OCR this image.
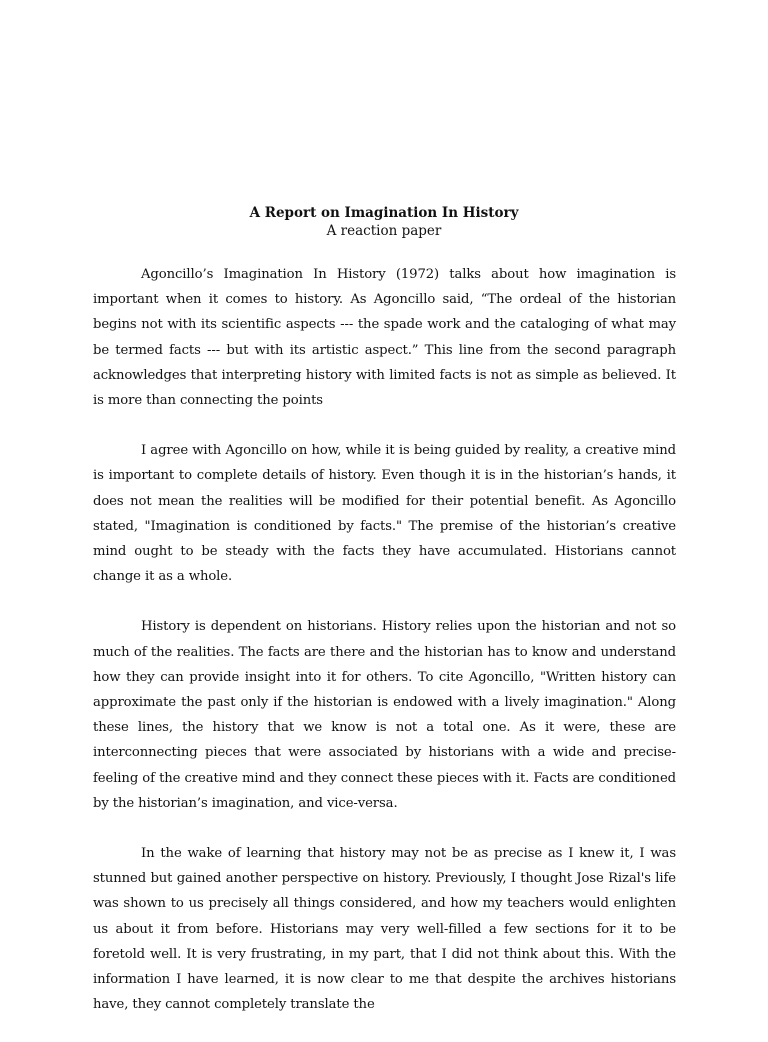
A Report on Imagination In History

A reaction paper

Agoncillo’s Imagination In History (1972) talks about how imagination is important when it comes to history. As Agoncillo said, “The ordeal of the historian begins not with its scientific aspects --- the spade work and the cataloging of what may be termed facts --- but with its artistic aspect.” This line from the second paragraph acknowledges that interpreting history with limited facts is not as simple as believed. It is more than connecting the points

I agree with Agoncillo on how, while it is being guided by reality, a creative mind is important to complete details of history. Even though it is in the historian’s hands, it does not mean the realities will be modified for their potential benefit. As Agoncillo stated, "Imagination is conditioned by facts." The premise of the historian’s creative mind ought to be steady with the facts they have accumulated. Historians cannot change it as a whole.

History is dependent on historians. History relies upon the historian and not so much of the realities. The facts are there and the historian has to know and understand how they can provide insight into it for others. To cite Agoncillo, "Written history can approximate the past only if the historian is endowed with a lively imagination." Along these lines, the history that we know is not a total one. As it were, these are interconnecting pieces that were associated by historians with a wide and precise-feeling of the creative mind and they connect these pieces with it. Facts are conditioned by the historian’s imagination, and vice-versa.

In the wake of learning that history may not be as precise as I knew it, I was stunned but gained another perspective on history. Previously, I thought Jose Rizal's life was shown to us precisely all things considered, and how my teachers would enlighten us about it from before. Historians may very well-filled a few sections for it to be foretold well. It is very frustrating, in my part, that I did not think about this. With the information I have learned, it is now clear to me that despite the archives historians have, they cannot completely translate the
